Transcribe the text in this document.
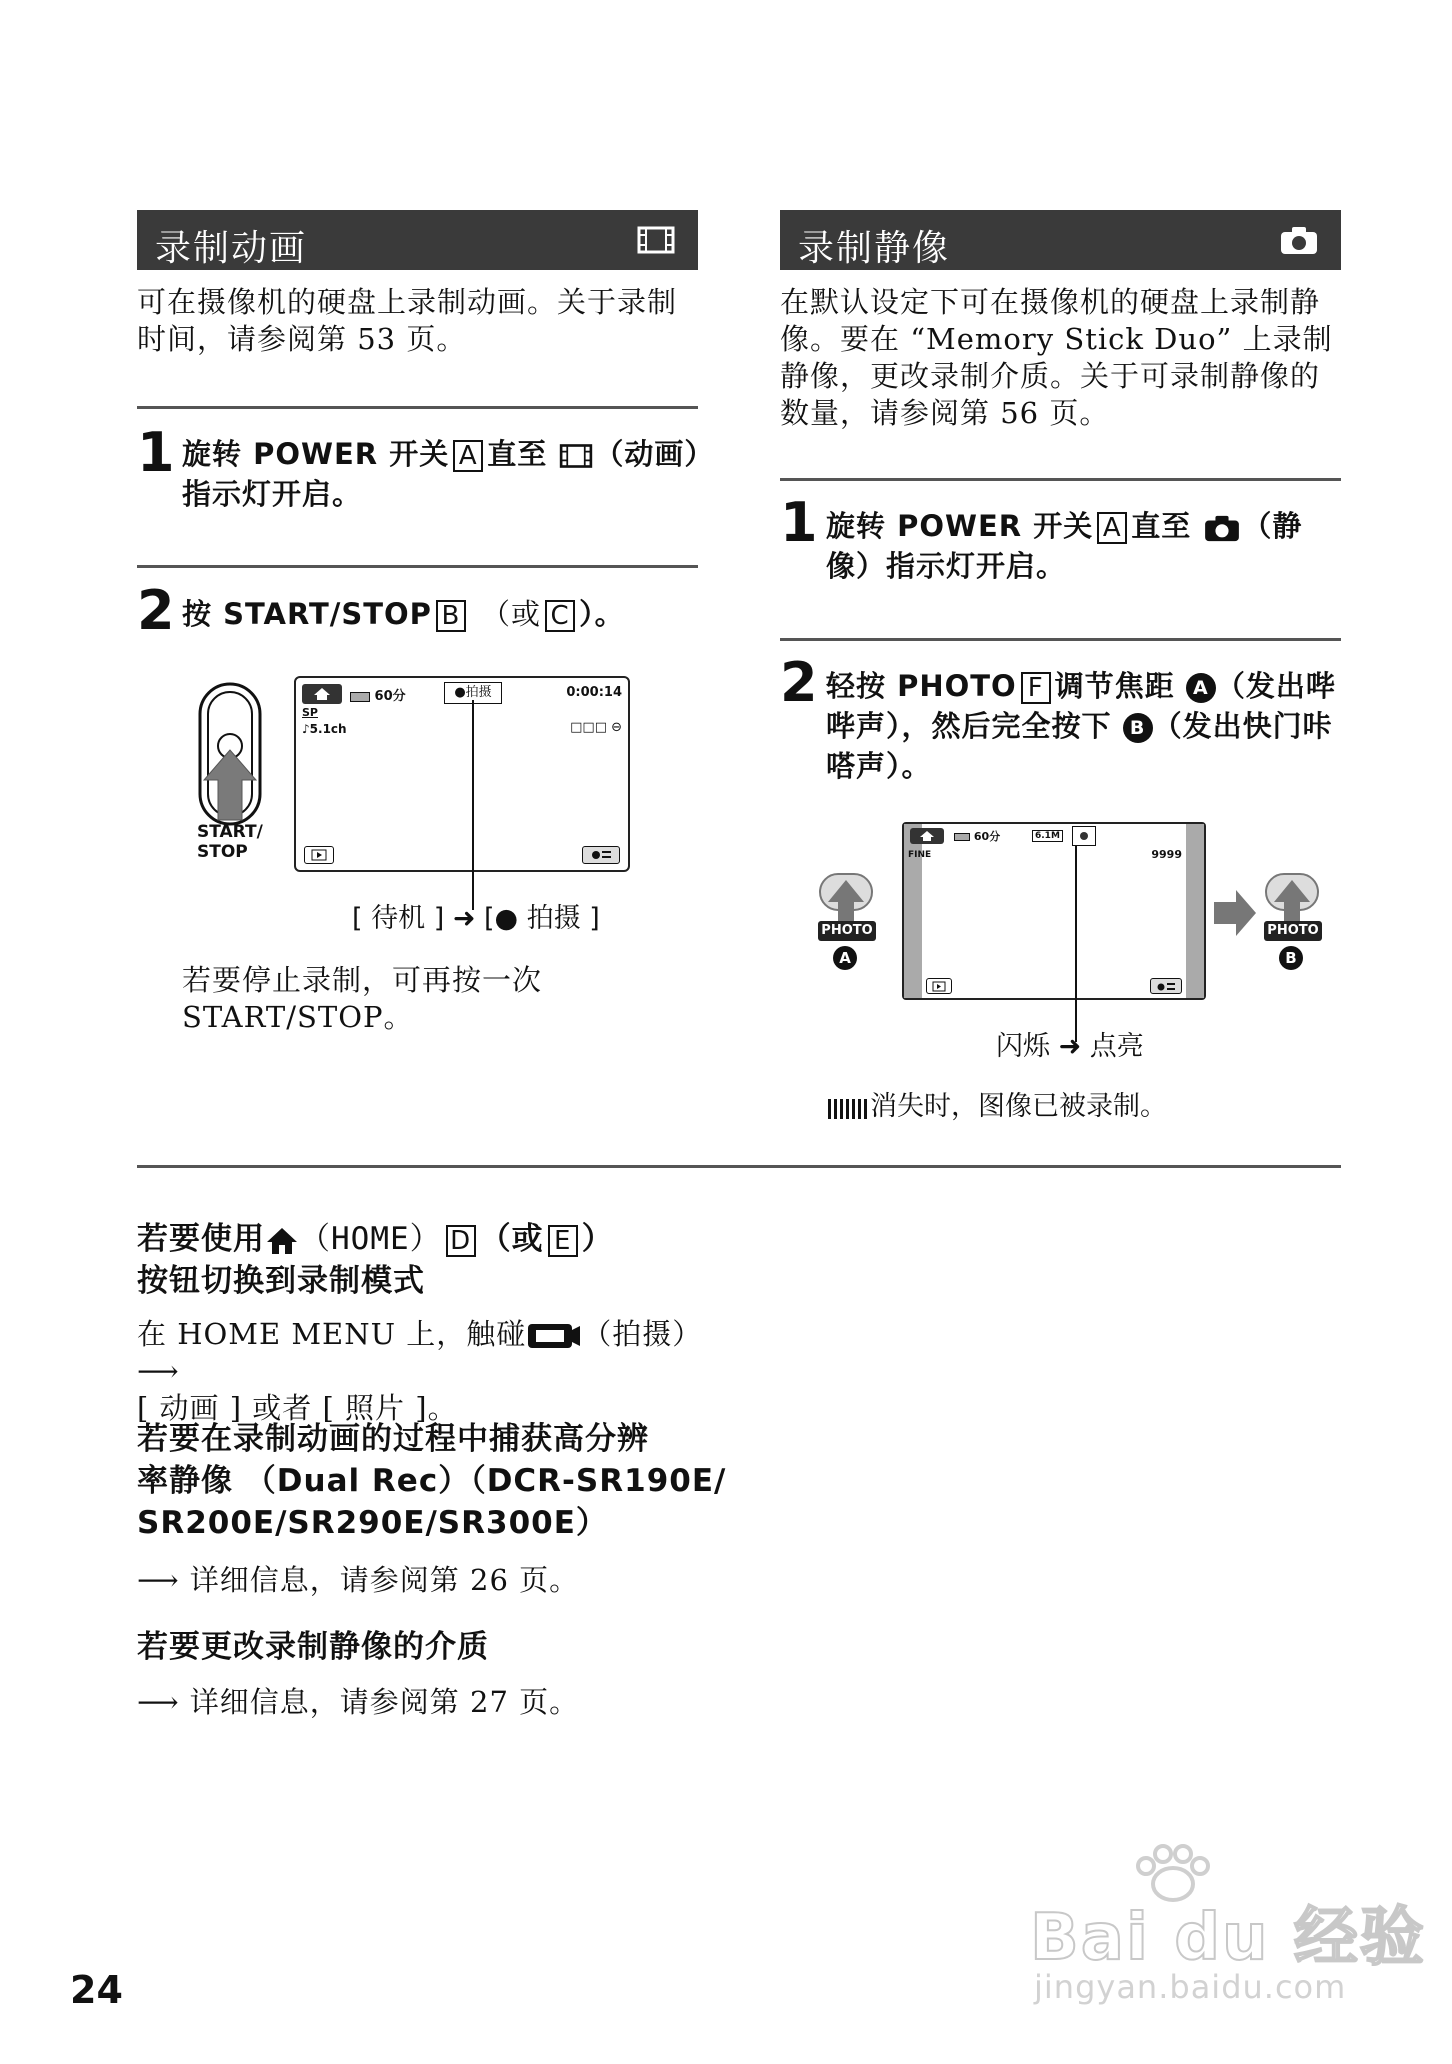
录制动画
可在摄像机的硬盘上录制动画。关于录制时间，请参阅第 53 页。
1 旋转 POWER 开关 A 直至 （动画）指示灯开启。
2 按 START/STOP B （或 C ）。
START/
STOP
60分	●拍摄	0:00:14
SP
♪5.1ch	□□□ ⊖
[ 待机 ] ➜ [● 拍摄 ]
若要停止录制，可再按一次 START/STOP。
录制静像
在默认设定下可在摄像机的硬盘上录制静像。要在 “Memory Stick Duo” 上录制静像，更改录制介质。关于可录制静像的数量，请参阅第 56 页。
1 旋转 POWER 开关 A 直至 （静像）指示灯开启。
2 轻按 PHOTO F 调节焦距 A （发出哔哔声），然后完全按下 B （发出快门咔嗒声）。
PHOTO
A
60分	6.1M
FINE	9999
PHOTO
B
闪烁 ➜ 点亮
消失时，图像已被录制。
若要使用 （HOME） D （或 E ）
按钮切换到录制模式
在 HOME MENU 上，触碰 （拍摄） ⟶
[ 动画 ] 或者 [ 照片 ]。
若要在录制动画的过程中捕获高分辨
率静像 （Dual Rec）（DCR-SR190E/
SR200E/SR290E/SR300E）
⟶ 详细信息，请参阅第 26 页。
若要更改录制静像的介质
⟶ 详细信息，请参阅第 27 页。
24
Bai du 经验
jingyan.baidu.com
